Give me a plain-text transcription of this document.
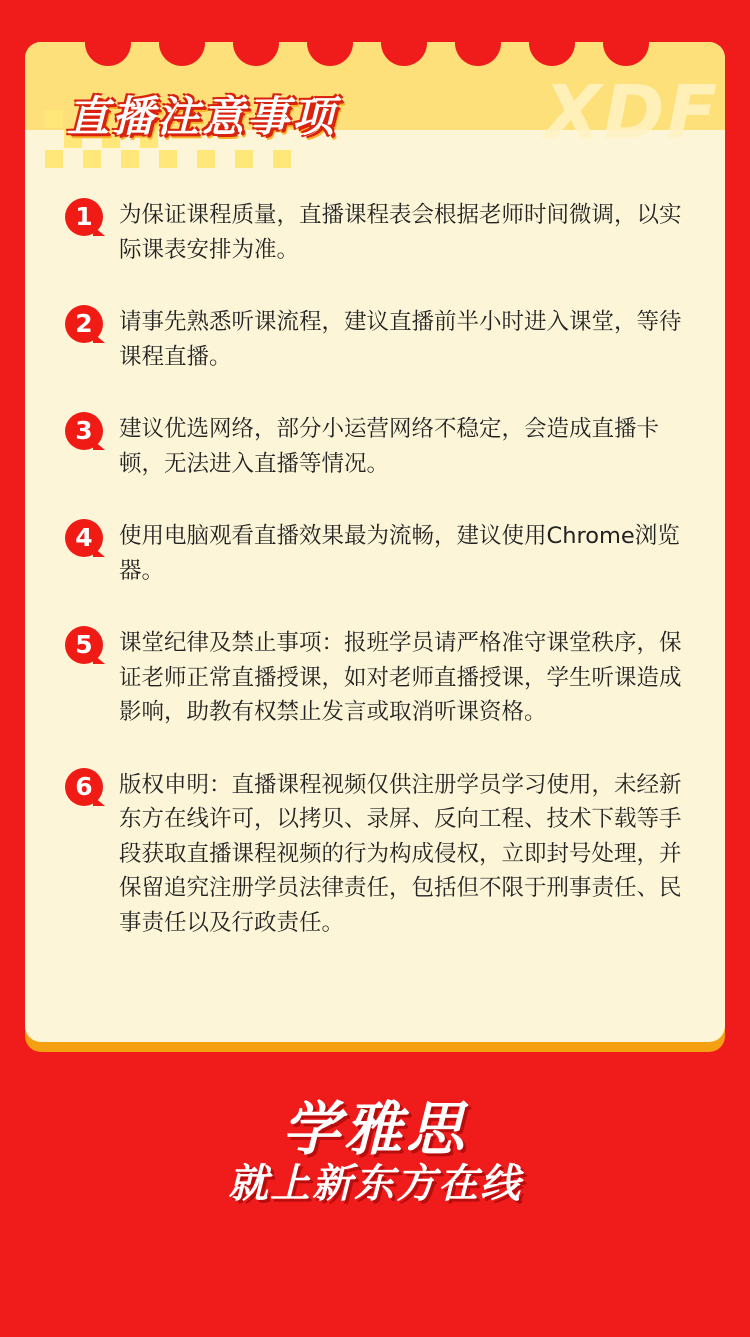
XDF
直播注意事项
1	为保证课程质量，直播课程表会根据老师时间微调，以实际课表安排为准。
2	请事先熟悉听课流程，建议直播前半小时进入课堂，等待课程直播。
3	建议优选网络，部分小运营网络不稳定，会造成直播卡顿，无法进入直播等情况。
4	使用电脑观看直播效果最为流畅，建议使用Chrome浏览器。
5	课堂纪律及禁止事项：报班学员请严格准守课堂秩序，保证老师正常直播授课，如对老师直播授课，学生听课造成影响，助教有权禁止发言或取消听课资格。
6	版权申明：直播课程视频仅供注册学员学习使用，未经新东方在线许可，以拷贝、录屏、反向工程、技术下载等手段获取直播课程视频的行为构成侵权，立即封号处理，并保留追究注册学员法律责任，包括但不限于刑事责任、民事责任以及行政责任。
学雅思
就上新东方在线
